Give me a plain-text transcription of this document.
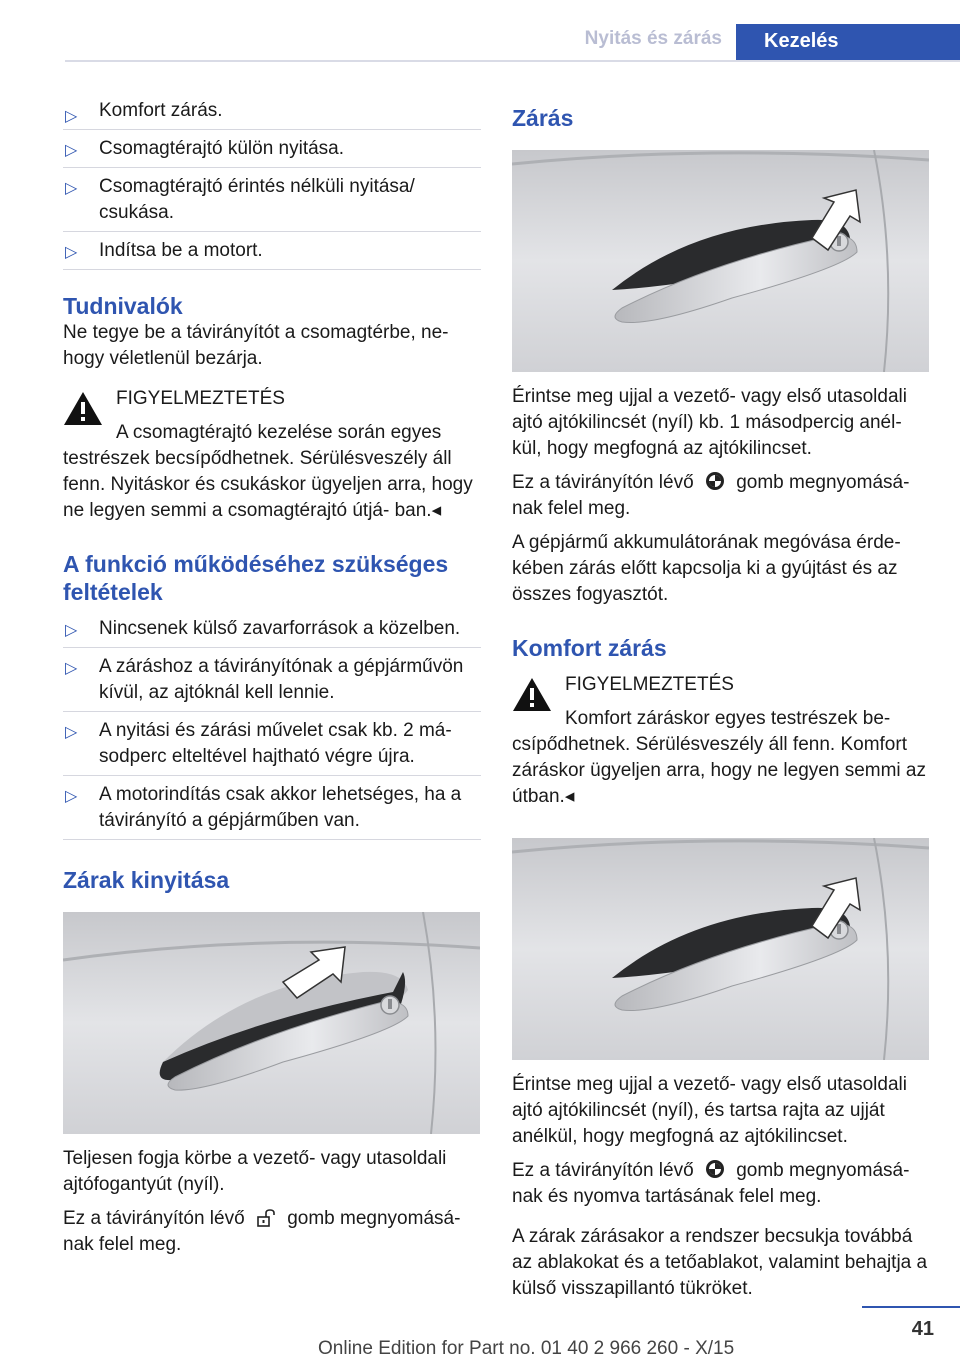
Nyitás és zárás	Kezelés
▷ Komfort zárás.
▷ Csomagtérajtó külön nyitása.
▷ Csomagtérajtó érintés nélküli nyitása/ csukása.
▷ Indítsa be a motort.
Tudnivalók

Ne tegye be a távirányítót a csomagtérbe, ne- hogy véletlenül bezárja.

FIGYELMEZTETÉS
A csomagtérajtó kezelése során egyes testrészek becsípődhetnek. Sérülésveszély áll fenn. Nyitáskor és csukáskor ügyeljen arra, hogy ne legyen semmi a csomagtérajtó útjá- ban.◂
A funkció működéséhez szükséges feltételek
▷ Nincsenek külső zavarforrások a közelben.
▷ A záráshoz a távirányítónak a gépjárművön kívül, az ajtóknál kell lennie.
▷ A nyitási és zárási művelet csak kb. 2 má- sodperc elteltével hajtható végre újra.
▷ A motorindítás csak akkor lehetséges, ha a távirányító a gépjárműben van.
Zárak kinyitása

Teljesen fogja körbe a vezető- vagy utasoldali ajtófogantyút (nyíl).

Ez a távirányítón lévő gomb megnyomásá- nak felel meg.

Zárás

Érintse meg ujjal a vezető- vagy első utasoldali ajtó ajtókilincsét (nyíl) kb. 1 másodpercig anél- kül, hogy megfogná az ajtókilincset.

Ez a távirányítón lévő gomb megnyomásá- nak felel meg.

A gépjármű akkumulátorának megóvása érde- kében zárás előtt kapcsolja ki a gyújtást és az összes fogyasztót.

Komfort zárás
FIGYELMEZTETÉS
Komfort záráskor egyes testrészek be- csípődhetnek. Sérülésveszély áll fenn. Komfort záráskor ügyeljen arra, hogy ne legyen semmi az útban.◂

Érintse meg ujjal a vezető- vagy első utasoldali ajtó ajtókilincsét (nyíl), és tartsa rajta az ujját anélkül, hogy megfogná az ajtókilincset.

Ez a távirányítón lévő gomb megnyomásá- nak és nyomva tartásának felel meg.

A zárak zárásakor a rendszer becsukja továbbá az ablakokat és a tetőablakot, valamint behajtja a külső visszapillantó tükröket.

41
Online Edition for Part no. 01 40 2 966 260 - X/15
